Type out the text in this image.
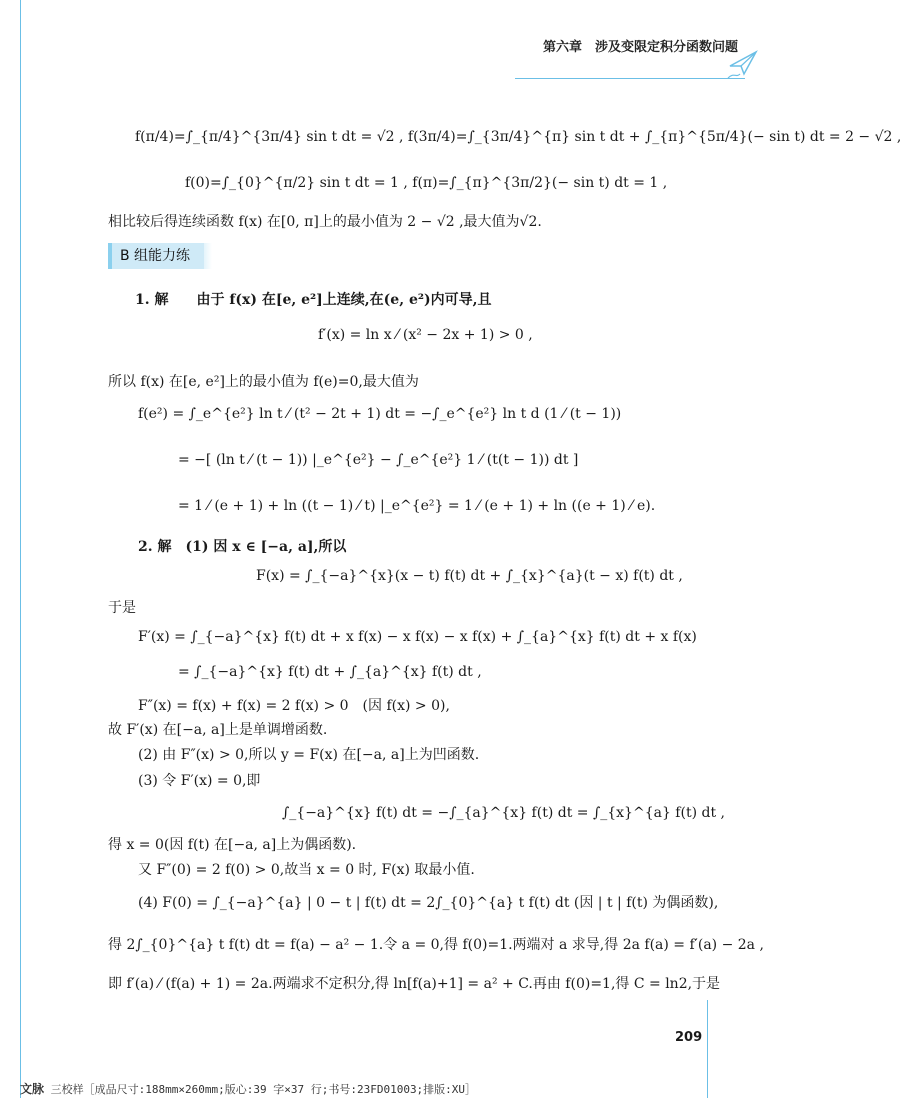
第六章　涉及变限定积分函数问题
f(π/4)=∫_{π/4}^{3π/4} sin t dt = √2 , f(3π/4)=∫_{3π/4}^{π} sin t dt + ∫_{π}^{5π/4}(− sin t) dt = 2 − √2 ,
f(0)=∫_{0}^{π/2} sin t dt = 1 , f(π)=∫_{π}^{3π/2}(− sin t) dt = 1 ,
相比较后得连续函数 f(x) 在[0, π]上的最小值为 2 − √2 ,最大值为√2.
B 组能力练
1. 解　　由于 f(x) 在[e, e²]上连续,在(e, e²)内可导,且
f′(x) = ln x ⁄ (x² − 2x + 1) > 0 ,
所以 f(x) 在[e, e²]上的最小值为 f(e)=0,最大值为
f(e²) = ∫_e^{e²} ln t ⁄ (t² − 2t + 1) dt = −∫_e^{e²} ln t d (1 ⁄ (t − 1))
= −[ (ln t ⁄ (t − 1)) |_e^{e²} − ∫_e^{e²} 1 ⁄ (t(t − 1)) dt ]
= 1 ⁄ (e + 1) + ln ((t − 1) ⁄ t) |_e^{e²} = 1 ⁄ (e + 1) + ln ((e + 1) ⁄ e).
2. 解　(1) 因 x ∈ [−a, a],所以
F(x) = ∫_{−a}^{x}(x − t) f(t) dt + ∫_{x}^{a}(t − x) f(t) dt ,
于是
F′(x) = ∫_{−a}^{x} f(t) dt + x f(x) − x f(x) − x f(x) + ∫_{a}^{x} f(t) dt + x f(x)
= ∫_{−a}^{x} f(t) dt + ∫_{a}^{x} f(t) dt ,
F″(x) = f(x) + f(x) = 2 f(x) > 0　(因 f(x) > 0),
故 F′(x) 在[−a, a]上是单调增函数.
(2) 由 F″(x) > 0,所以 y = F(x) 在[−a, a]上为凹函数.
(3) 令 F′(x) = 0,即
∫_{−a}^{x} f(t) dt = −∫_{a}^{x} f(t) dt = ∫_{x}^{a} f(t) dt ,
得 x = 0(因 f(t) 在[−a, a]上为偶函数).
又 F″(0) = 2 f(0) > 0,故当 x = 0 时, F(x) 取最小值.
(4) F(0) = ∫_{−a}^{a} | 0 − t | f(t) dt = 2∫_{0}^{a} t f(t) dt (因 | t | f(t) 为偶函数),
得 2∫_{0}^{a} t f(t) dt = f(a) − a² − 1.令 a = 0,得 f(0)=1.两端对 a 求导,得 2a f(a) = f′(a) − 2a ,
即 f′(a) ⁄ (f(a) + 1) = 2a.两端求不定积分,得 ln[f(a)+1] = a² + C.再由 f(0)=1,得 C = ln2,于是
209
文脉 三校样［成品尺寸:188mm×260mm;版心:39 字×37 行;书号:23FD01003;排版:XU］
